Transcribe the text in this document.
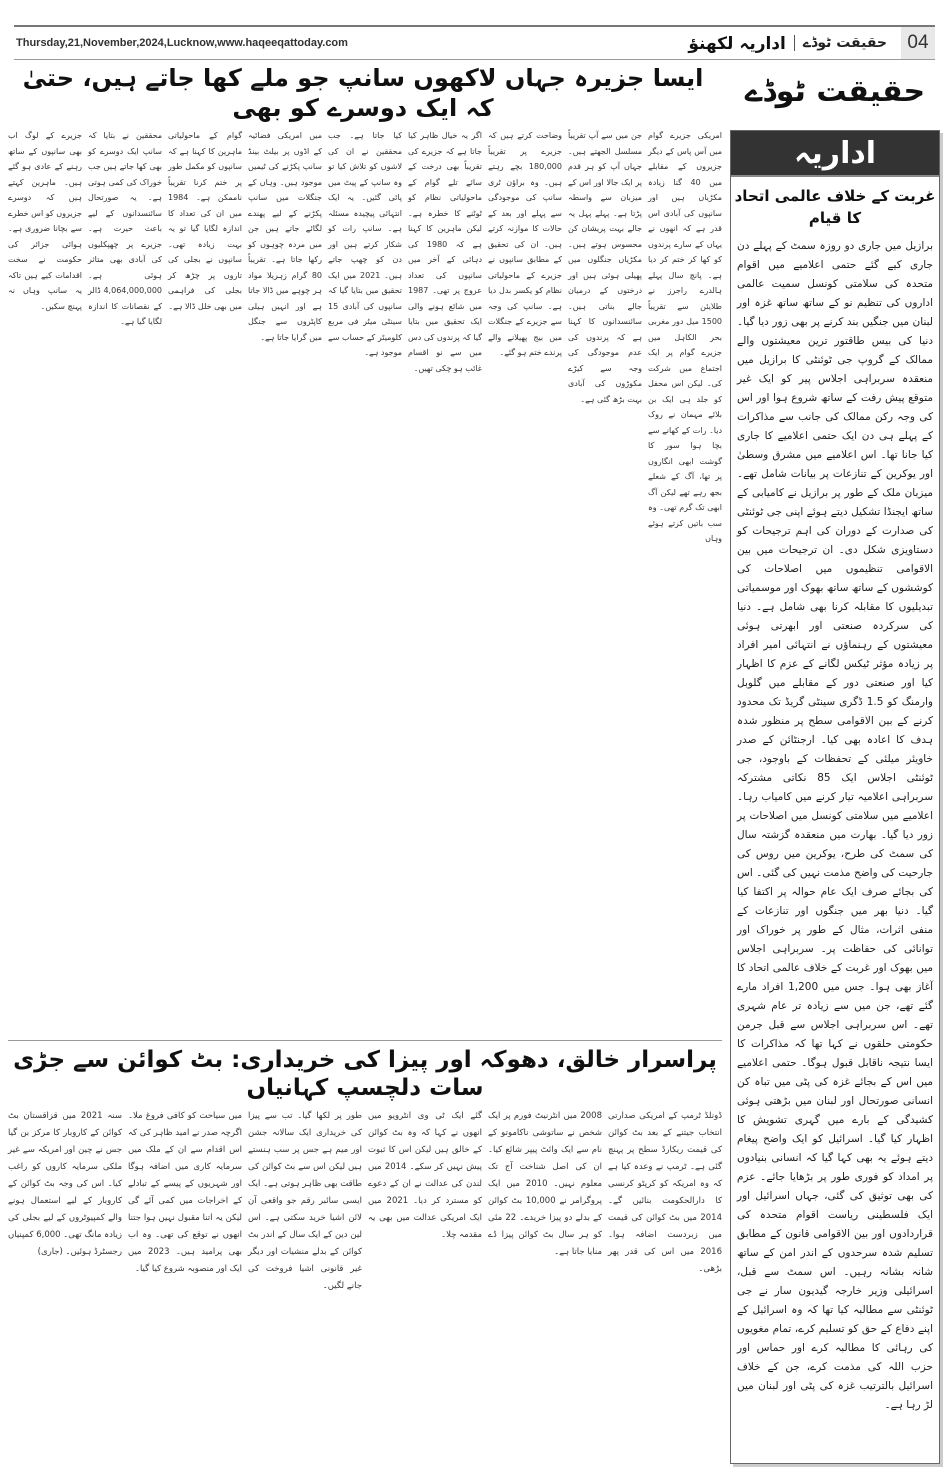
Thursday,21,November,2024,Lucknow,www.haqeeqattoday.com	اداریہ لکھنؤ	حقیقت ٹوڈے	04
ایسا جزیرہ جہاں لاکھوں سانپ جو ملے کھا جاتے ہیں، حتیٰ کہ ایک دوسرے کو بھی	حقیقت ٹوڈے
امریکی جزیرے گوام میں آس پاس کے دیگر جزیروں کے مقابلے میں 40 گنا زیادہ مکڑیاں ہیں اور سانپوں کی آبادی اس قدر ہے کہ انھوں نے یہاں کے سارے پرندوں کو کھا کر ختم کر دیا ہے۔ پانچ سال پہلے ہالدرے راجرز نے طلایئن سے تقریباً 1500 میل دور مغربی بحر الکاہل میں جزیرے گوام پر ایک اجتماع میں شرکت کی۔ لیکن اس محفل کو جلد ہی ایک بن بلائے مہمان نے روک دیا۔ رات کے کھانے سے بچا ہوا سور کا گوشت ابھی انگاروں پر تھا، آگ کے شعلے بجھ رہے تھے لیکن آگ ابھی تک گرم تھی۔ وہ سب باتیں کرتے ہوئے وہاں
جن میں سے آپ تقریباً مسلسل الجھتے ہیں۔ جہاں آپ کو ہر قدم پر ایک جالا اور اس کے میزبان سے واسطہ پڑتا ہے۔ پہلے پہل یہ جالے بہت پریشان کن محسوس ہوتے ہیں۔ مکڑیاں جنگلوں میں پھیلی ہوئی ہیں اور درختوں کے درمیان جالے بناتی ہیں۔ سائنسدانوں کا کہنا ہے کہ پرندوں کی عدم موجودگی کی وجہ سے کیڑے مکوڑوں کی آبادی بہت بڑھ گئی ہے۔
وضاحت کرتے ہیں کہ جزیرے پر تقریباً 180,000 بچے رہتے ہیں۔ وہ براؤن ٹری سانپ کی موجودگی سے پہلے اور بعد کے حالات کا موازنہ کرتے ہیں۔ ان کی تحقیق کے مطابق سانپوں نے جزیرے کے ماحولیاتی نظام کو یکسر بدل دیا ہے۔ سانپ کی وجہ سے جزیرے کے جنگلات میں بیج پھیلانے والے پرندے ختم ہو گئے۔
اگر یہ خیال ظاہر کیا جاتا ہے کہ جزیرے کی تقریباً بھی درخت کے سائے تلے گوام کے ماحولیاتی نظام کو ٹوٹنے کا خطرہ ہے۔ لیکن ماہرین کا کہنا ہے کہ 1980 کی دہائی کے آخر میں سانپوں کی تعداد عروج پر تھی۔ 1987 میں شائع ہونے والی ایک تحقیق میں بتایا گیا کہ پرندوں کی دس میں سے نو اقسام غائب ہو چکی تھیں۔
کیا جاتا ہے۔ جب محققین نے ان کی لاشوں کو تلاش کیا تو وہ سانپ کے پیٹ میں پائی گئیں۔ یہ ایک انتہائی پیچیدہ مسئلہ ہے۔ سانپ رات کو شکار کرتے ہیں اور دن کو چھپ جاتے ہیں۔ 2021 میں ایک تحقیق میں بتایا گیا کہ سانپوں کی آبادی 15 سینٹی میٹر فی مربع کلومیٹر کے حساب سے موجود ہے۔
میں امریکی فضائیہ کے اڈوں پر بیلٹ بینڈ سانپ پکڑنے کی ٹیمیں موجود ہیں۔ وہاں کے جنگلات میں سانپ پکڑنے کے لیے پھندے لگائے جاتے ہیں جن میں مردہ چوہوں کو رکھا جاتا ہے۔ تقریباً 80 گرام زہریلا مواد ہر چوہے میں ڈالا جاتا ہے اور انہیں ہیلی کاپٹروں سے جنگل میں گرایا جاتا ہے۔
گوام کے ماحولیاتی ماہرین کا کہنا ہے کہ سانپوں کو مکمل طور پر ختم کرنا تقریباً ناممکن ہے۔ 1984 میں ان کی تعداد کا اندازہ لگایا گیا تو یہ بہت زیادہ تھی۔ سانپوں نے بجلی کی تاروں پر چڑھ کر بجلی کی فراہمی میں بھی خلل ڈالا ہے۔
محققین نے بتایا کہ سانپ ایک دوسرے کو بھی کھا جاتے ہیں جب خوراک کی کمی ہوتی ہے۔ یہ صورتحال سائنسدانوں کے لیے باعث حیرت ہے۔ جزیرے پر چھپکلیوں کی آبادی بھی متاثر ہوئی ہے۔ 4,064,000,000 ڈالر کے نقصانات کا اندازہ لگایا گیا ہے۔
جزیرے کے لوگ اب بھی سانپوں کے ساتھ رہنے کے عادی ہو گئے ہیں۔ ماہرین کہتے ہیں کہ دوسرے جزیروں کو اس خطرے سے بچانا ضروری ہے۔ ہوائی جزائر کی حکومت نے سخت اقدامات کیے ہیں تاکہ یہ سانپ وہاں نہ پہنچ سکیں۔
پراسرار خالق، دھوکہ اور پیزا کی خریداری: بٹ کوائن سے جڑی سات دلچسپ کہانیاں
ڈونلڈ ٹرمپ کے امریکی صدارتی انتخاب جیتنے کے بعد بٹ کوائن کی قیمت ریکارڈ سطح پر پہنچ گئی ہے۔ ٹرمپ نے وعدہ کیا ہے کہ وہ امریکہ کو کرپٹو کرنسی کا دارالحکومت بنائیں گے۔ 2014 میں بٹ کوائن کی قیمت میں زبردست اضافہ ہوا۔ 2016 میں اس کی قدر پھر بڑھی۔
2008 میں انٹرنیٹ فورم پر ایک شخص نے ساتوشی ناکاموتو کے نام سے ایک وائٹ پیپر شائع کیا۔ ان کی اصل شناخت آج تک معلوم نہیں۔ 2010 میں ایک پروگرامر نے 10,000 بٹ کوائن کے بدلے دو پیزا خریدے۔ 22 مئی کو ہر سال بٹ کوائن پیزا ڈے منایا جاتا ہے۔
گئے ایک ٹی وی انٹرویو میں انھوں نے کہا کہ وہ بٹ کوائن کے خالق ہیں لیکن اس کا ثبوت پیش نہیں کر سکے۔ 2014 میں لندن کی عدالت نے ان کے دعوے کو مسترد کر دیا۔ 2021 میں ایک امریکی عدالت میں بھی یہ مقدمہ چلا۔
طور پر لکھا گیا۔ تب سے پیزا کی خریداری ایک سالانہ جشن اور میم ہے جس پر سب ہنستے ہیں لیکن اس سے بٹ کوائن کی طاقت بھی ظاہر ہوتی ہے۔ ایک ایسی سائبر رقم جو واقعی آن لائن اشیا خرید سکتی ہے۔ اس لین دین کے ایک سال کے اندر بٹ کوائن کے بدلے منشیات اور دیگر غیر قانونی اشیا فروخت کی جانے لگیں۔
میں سیاحت کو کافی فروغ ملا۔ اگرچہ صدر نے امید ظاہر کی کہ اس اقدام سے ان کے ملک میں سرمایہ کاری میں اضافہ ہوگا اور شہریوں کے پیسے کے تبادلے کے اخراجات میں کمی آئے گی لیکن یہ اتنا مقبول نہیں ہوا جتنا انھوں نے توقع کی تھی۔ وہ اب بھی پرامید ہیں۔ 2023 میں ایک اور منصوبہ شروع کیا گیا۔
سنہ 2021 میں قزاقستان بٹ کوائن کے کاروبار کا مرکز بن گیا جس نے چین اور امریکہ سے غیر ملکی سرمایہ کاروں کو راغب کیا۔ اس کی وجہ بٹ کوائن کے کاروبار کے لیے استعمال ہونے والے کمپیوٹروں کے لیے بجلی کی زیادہ مانگ تھی۔ 6,000 کمپنیاں رجسٹرڈ ہوئیں۔ (جاری)
اداریہ
غربت کے خلاف عالمی اتحاد کا قیام
برازیل میں جاری دو روزہ سمٹ کے پہلے دن جاری کیے گئے حتمی اعلامیے میں اقوام متحدہ کی سلامتی کونسل سمیت عالمی اداروں کی تنظیم نو کے ساتھ ساتھ غزہ اور لبنان میں جنگیں بند کرنے پر بھی زور دیا گیا۔ دنیا کی بیس طاقتور ترین معیشتوں والے ممالک کے گروپ جی ٹوئنٹی کا برازیل میں منعقدہ سربراہی اجلاس پیر کو ایک غیر متوقع پیش رفت کے ساتھ شروع ہوا اور اس کی وجہ رکن ممالک کی جانب سے مذاکرات کے پہلے ہی دن ایک حتمی اعلامیے کا جاری کیا جانا تھا۔ اس اعلامیے میں مشرق وسطیٰ اور یوکرین کے تنازعات پر بیانات شامل تھے۔ میزبان ملک کے طور پر برازیل نے کامیابی کے ساتھ ایجنڈا تشکیل دیتے ہوئے اپنی جی ٹوئنٹی کی صدارت کے دوران کی اہم ترجیحات کو دستاویزی شکل دی۔ ان ترجیحات میں بین الاقوامی تنظیموں میں اصلاحات کی کوششوں کے ساتھ ساتھ بھوک اور موسمیاتی تبدیلیوں کا مقابلہ کرنا بھی شامل ہے۔ دنیا کی سرکردہ صنعتی اور ابھرتی ہوئی معیشتوں کے رہنماؤں نے انتہائی امیر افراد پر زیادہ مؤثر ٹیکس لگانے کے عزم کا اظہار کیا اور صنعتی دور کے مقابلے میں گلوبل وارمنگ کو 1.5 ڈگری سینٹی گریڈ تک محدود کرنے کے بین الاقوامی سطح پر منظور شدہ ہدف کا اعادہ بھی کیا۔ ارجنٹائن کے صدر خاویئر میلئی کے تحفظات کے باوجود، جی ٹوئنٹی اجلاس ایک 85 نکاتی مشترکہ سربراہی اعلامیہ تیار کرنے میں کامیاب رہا۔ اعلامیے میں سلامتی کونسل میں اصلاحات پر زور دیا گیا۔ بھارت میں منعقدہ گزشتہ سال کی سمٹ کی طرح، یوکرین میں روس کی جارحیت کی واضح مذمت نہیں کی گئی۔ اس کی بجائے صرف ایک عام حوالہ پر اکتفا کیا گیا۔ دنیا بھر میں جنگوں اور تنازعات کے منفی اثرات، مثال کے طور پر خوراک اور توانائی کی حفاظت پر۔ سربراہی اجلاس میں بھوک اور غربت کے خلاف عالمی اتحاد کا آغاز بھی ہوا۔ جس میں 1,200 افراد مارے گئے تھے، جن میں سے زیادہ تر عام شہری تھے۔ اس سربراہی اجلاس سے قبل جرمن حکومتی حلقوں نے کہا تھا کہ مذاکرات کا ایسا نتیجہ ناقابل قبول ہوگا۔ حتمی اعلامیے میں اس کے بجائے غزہ کی پٹی میں تباہ کن انسانی صورتحال اور لبنان میں بڑھتی ہوئی کشیدگی کے بارے میں گہری تشویش کا اظہار کیا گیا۔ اسرائیل کو ایک واضح پیغام دیتے ہوئے یہ بھی کہا گیا کہ انسانی بنیادوں پر امداد کو فوری طور پر بڑھایا جائے۔ عزم کی بھی توثیق کی گئی، جہاں اسرائیل اور ایک فلسطینی ریاست اقوام متحدہ کی قراردادوں اور بین الاقوامی قانون کے مطابق تسلیم شدہ سرحدوں کے اندر امن کے ساتھ شانہ بشانہ رہیں۔ اس سمٹ سے قبل، اسرائیلی وزیر خارجہ گیدیون سار نے جی ٹوئنٹی سے مطالبہ کیا تھا کہ وہ اسرائیل کے اپنے دفاع کے حق کو تسلیم کرے، تمام مغویوں کی رہائی کا مطالبہ کرے اور حماس اور حزب اللہ کی مذمت کرے، جن کے خلاف اسرائیل بالترتیب غزہ کی پٹی اور لبنان میں لڑ رہا ہے۔
